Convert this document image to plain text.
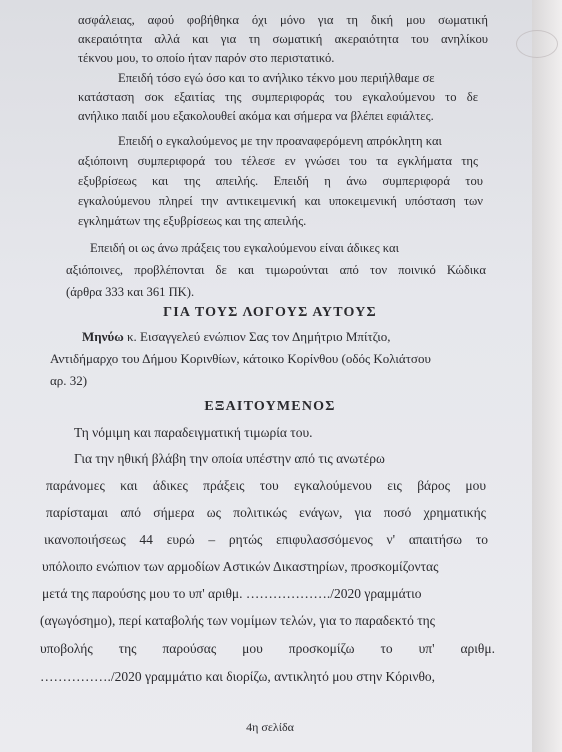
ασφάλειας, αφού φοβήθηκα όχι μόνο για τη δική μου σωματική
ακεραιότητα αλλά και για τη σωματική ακεραιότητα του ανηλίκου
τέκνου μου, το οποίο ήταν παρόν στο περιστατικό.
Επειδή τόσο εγώ όσο και το ανήλικο τέκνο μου περιήλθαμε σε
κατάσταση σοκ εξαιτίας της συμπεριφοράς του εγκαλούμενου το δε
ανήλικο παιδί μου εξακολουθεί ακόμα και σήμερα να βλέπει εφιάλτες.
Επειδή ο εγκαλούμενος με την προαναφερόμενη απρόκλητη και
αξιόποινη συμπεριφορά του τέλεσε εν γνώσει του τα εγκλήματα της
εξυβρίσεως και της απειλής. Επειδή η άνω συμπεριφορά του
εγκαλούμενου πληρεί την αντικειμενική και υποκειμενική υπόσταση των
εγκλημάτων της εξυβρίσεως και της απειλής.
Επειδή οι ως άνω πράξεις του εγκαλούμενου είναι άδικες και
αξιόποινες, προβλέπονται δε και τιμωρούνται από τον ποινικό Κώδικα
(άρθρα 333 και 361 ΠΚ).
ΓΙΑ ΤΟΥΣ ΛΟΓΟΥΣ ΑΥΤΟΥΣ
Μηνύω κ. Εισαγγελεύ ενώπιον Σας τον Δημήτριο Μπίτζιο,
Αντιδήμαρχο του Δήμου Κορινθίων, κάτοικο Κορίνθου (οδός Κολιάτσου
αρ. 32)
ΕΞΑΙΤΟΥΜΕΝΟΣ
Τη νόμιμη και παραδειγματική τιμωρία του.
Για την ηθική βλάβη την οποία υπέστην από τις ανωτέρω
παράνομες και άδικες πράξεις του εγκαλούμενου εις βάρος μου
παρίσταμαι από σήμερα ως πολιτικώς ενάγων, για ποσό χρηματικής
ικανοποιήσεως 44 ευρώ – ρητώς επιφυλασσόμενος ν' απαιτήσω το
υπόλοιπο ενώπιον των αρμοδίων Αστικών Δικαστηρίων, προσκομίζοντας
μετά της παρούσης μου το υπ' αριθμ. ………………./2020 γραμμάτιο
(αγωγόσημο), περί καταβολής των νομίμων τελών, για το παραδεκτό της
υποβολής της παρούσας μου προσκομίζω το υπ' αριθμ.
……………./2020 γραμμάτιο και διορίζω, αντικλητό μου στην Κόρινθο,
4η σελίδα
